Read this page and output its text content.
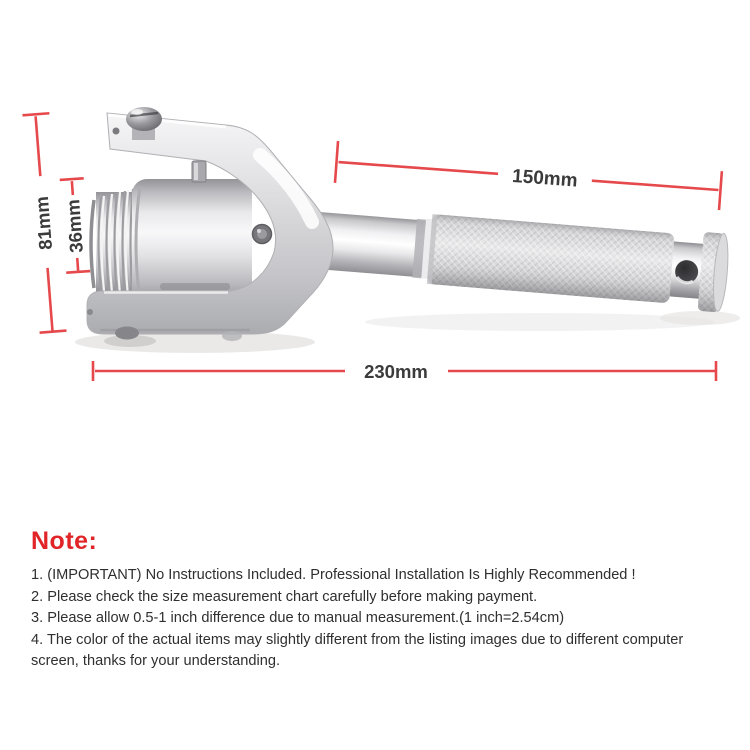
81mm 36mm
150mm
230mm

Note:

1. (IMPORTANT) No Instructions Included. Professional Installation Is Highly Recommended !

2. Please check the size measurement chart carefully before making payment.

3. Please allow 0.5-1 inch difference due to manual measurement.(1 inch=2.54cm)

4. The color of the actual items may slightly different from the listing images due to different computer screen, thanks for your understanding.
